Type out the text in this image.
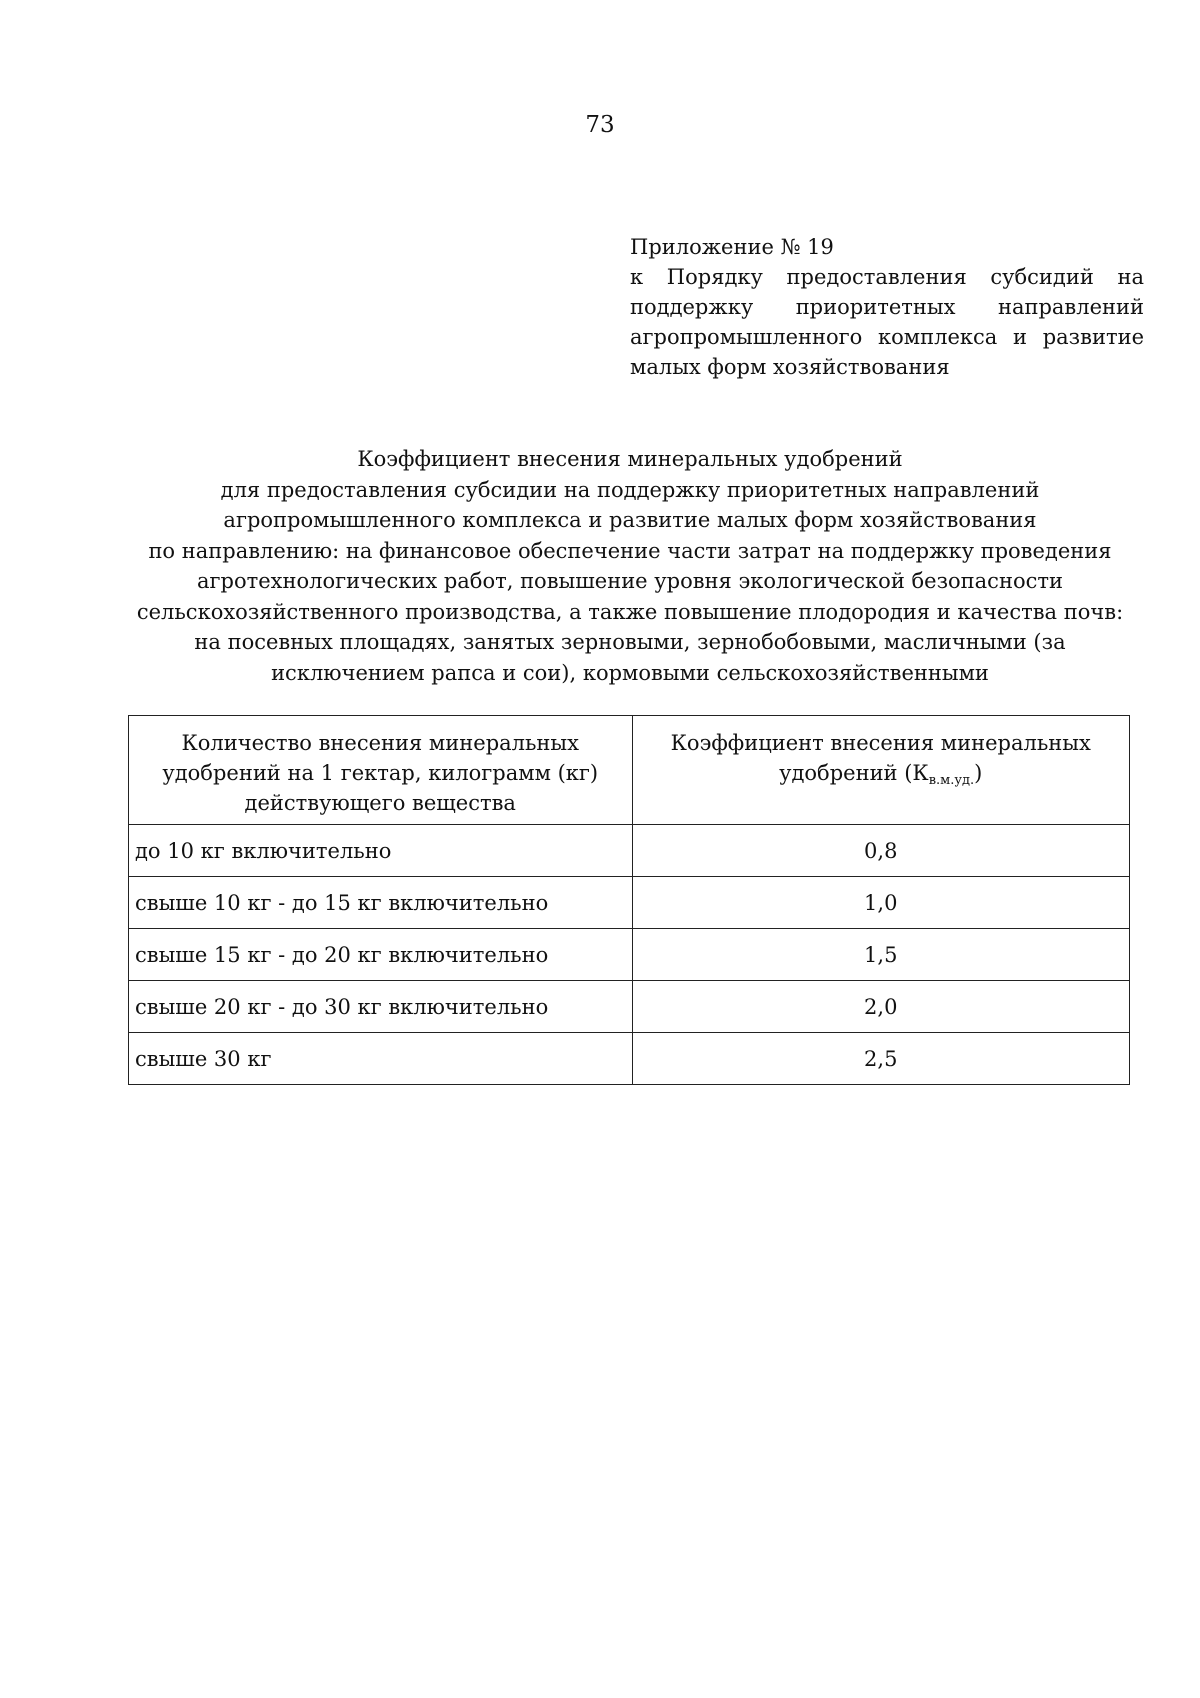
73
Приложение № 19
к Порядку предоставления субсидий на поддержку приоритетных направлений агропромышленного комплекса и развитие малых форм хозяйствования
Коэффициент внесения минеральных удобрений
для предоставления субсидии на поддержку приоритетных направлений
агропромышленного комплекса и развитие малых форм хозяйствования
по направлению: на финансовое обеспечение части затрат на поддержку проведения
агротехнологических работ, повышение уровня экологической безопасности
сельскохозяйственного производства, а также повышение плодородия и качества почв:
на посевных площадях, занятых зерновыми, зернобобовыми, масличными (за
исключением рапса и сои), кормовыми сельскохозяйственными
Количество внесения минеральных удобрений на 1 гектар, килограмм (кг) действующего вещества	Коэффициент внесения минеральных удобрений $(К_{в.м.уд.})$
до 10 кг включительно	0,8
свыше 10 кг - до 15 кг включительно	1,0
свыше 15 кг - до 20 кг включительно	1,5
свыше 20 кг - до 30 кг включительно	2,0
свыше 30 кг	2,5
